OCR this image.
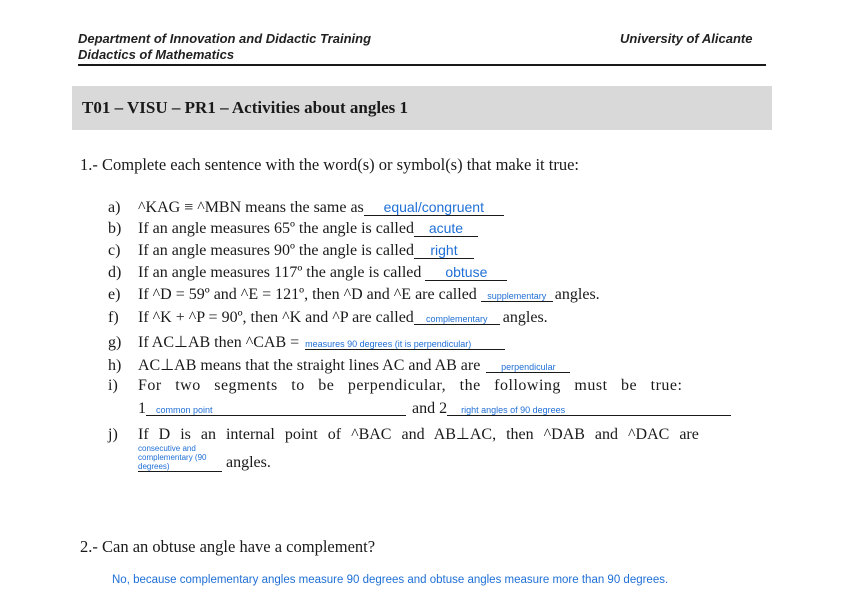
Department of Innovation and Didactic Training
Didactics of Mathematics
University of Alicante
T01 – VISU – PR1 – Activities about angles 1
1.- Complete each sentence with the word(s) or symbol(s) that make it true:
a) ^KAG ≡ ^MBN means the same as equal/congruent
b) If an angle measures 65º the angle is called acute
c) If an angle measures 90º the angle is called right
d) If an angle measures 117º the angle is called obtuse
e) If ^D = 59º and ^E = 121º, then ^D and ^E are called supplementary angles.
f) If ^K + ^P = 90º, then ^K and ^P are called complementary angles.
g) If AC⊥AB then ^CAB = measures 90 degrees (it is perpendicular)
h) AC⊥AB means that the straight lines AC and AB are perpendicular
i) For two segments to be perpendicular, the following must be true:
1 common point	and 2 right angles of 90 degrees
j) If D is an internal point of ^BAC and AB⊥AC, then ^DAB and ^DAC are
consecutive and complementary (90 degrees)	angles.
2.- Can an obtuse angle have a complement?
No, because complementary angles measure 90 degrees and obtuse angles measure more than 90 degrees.
